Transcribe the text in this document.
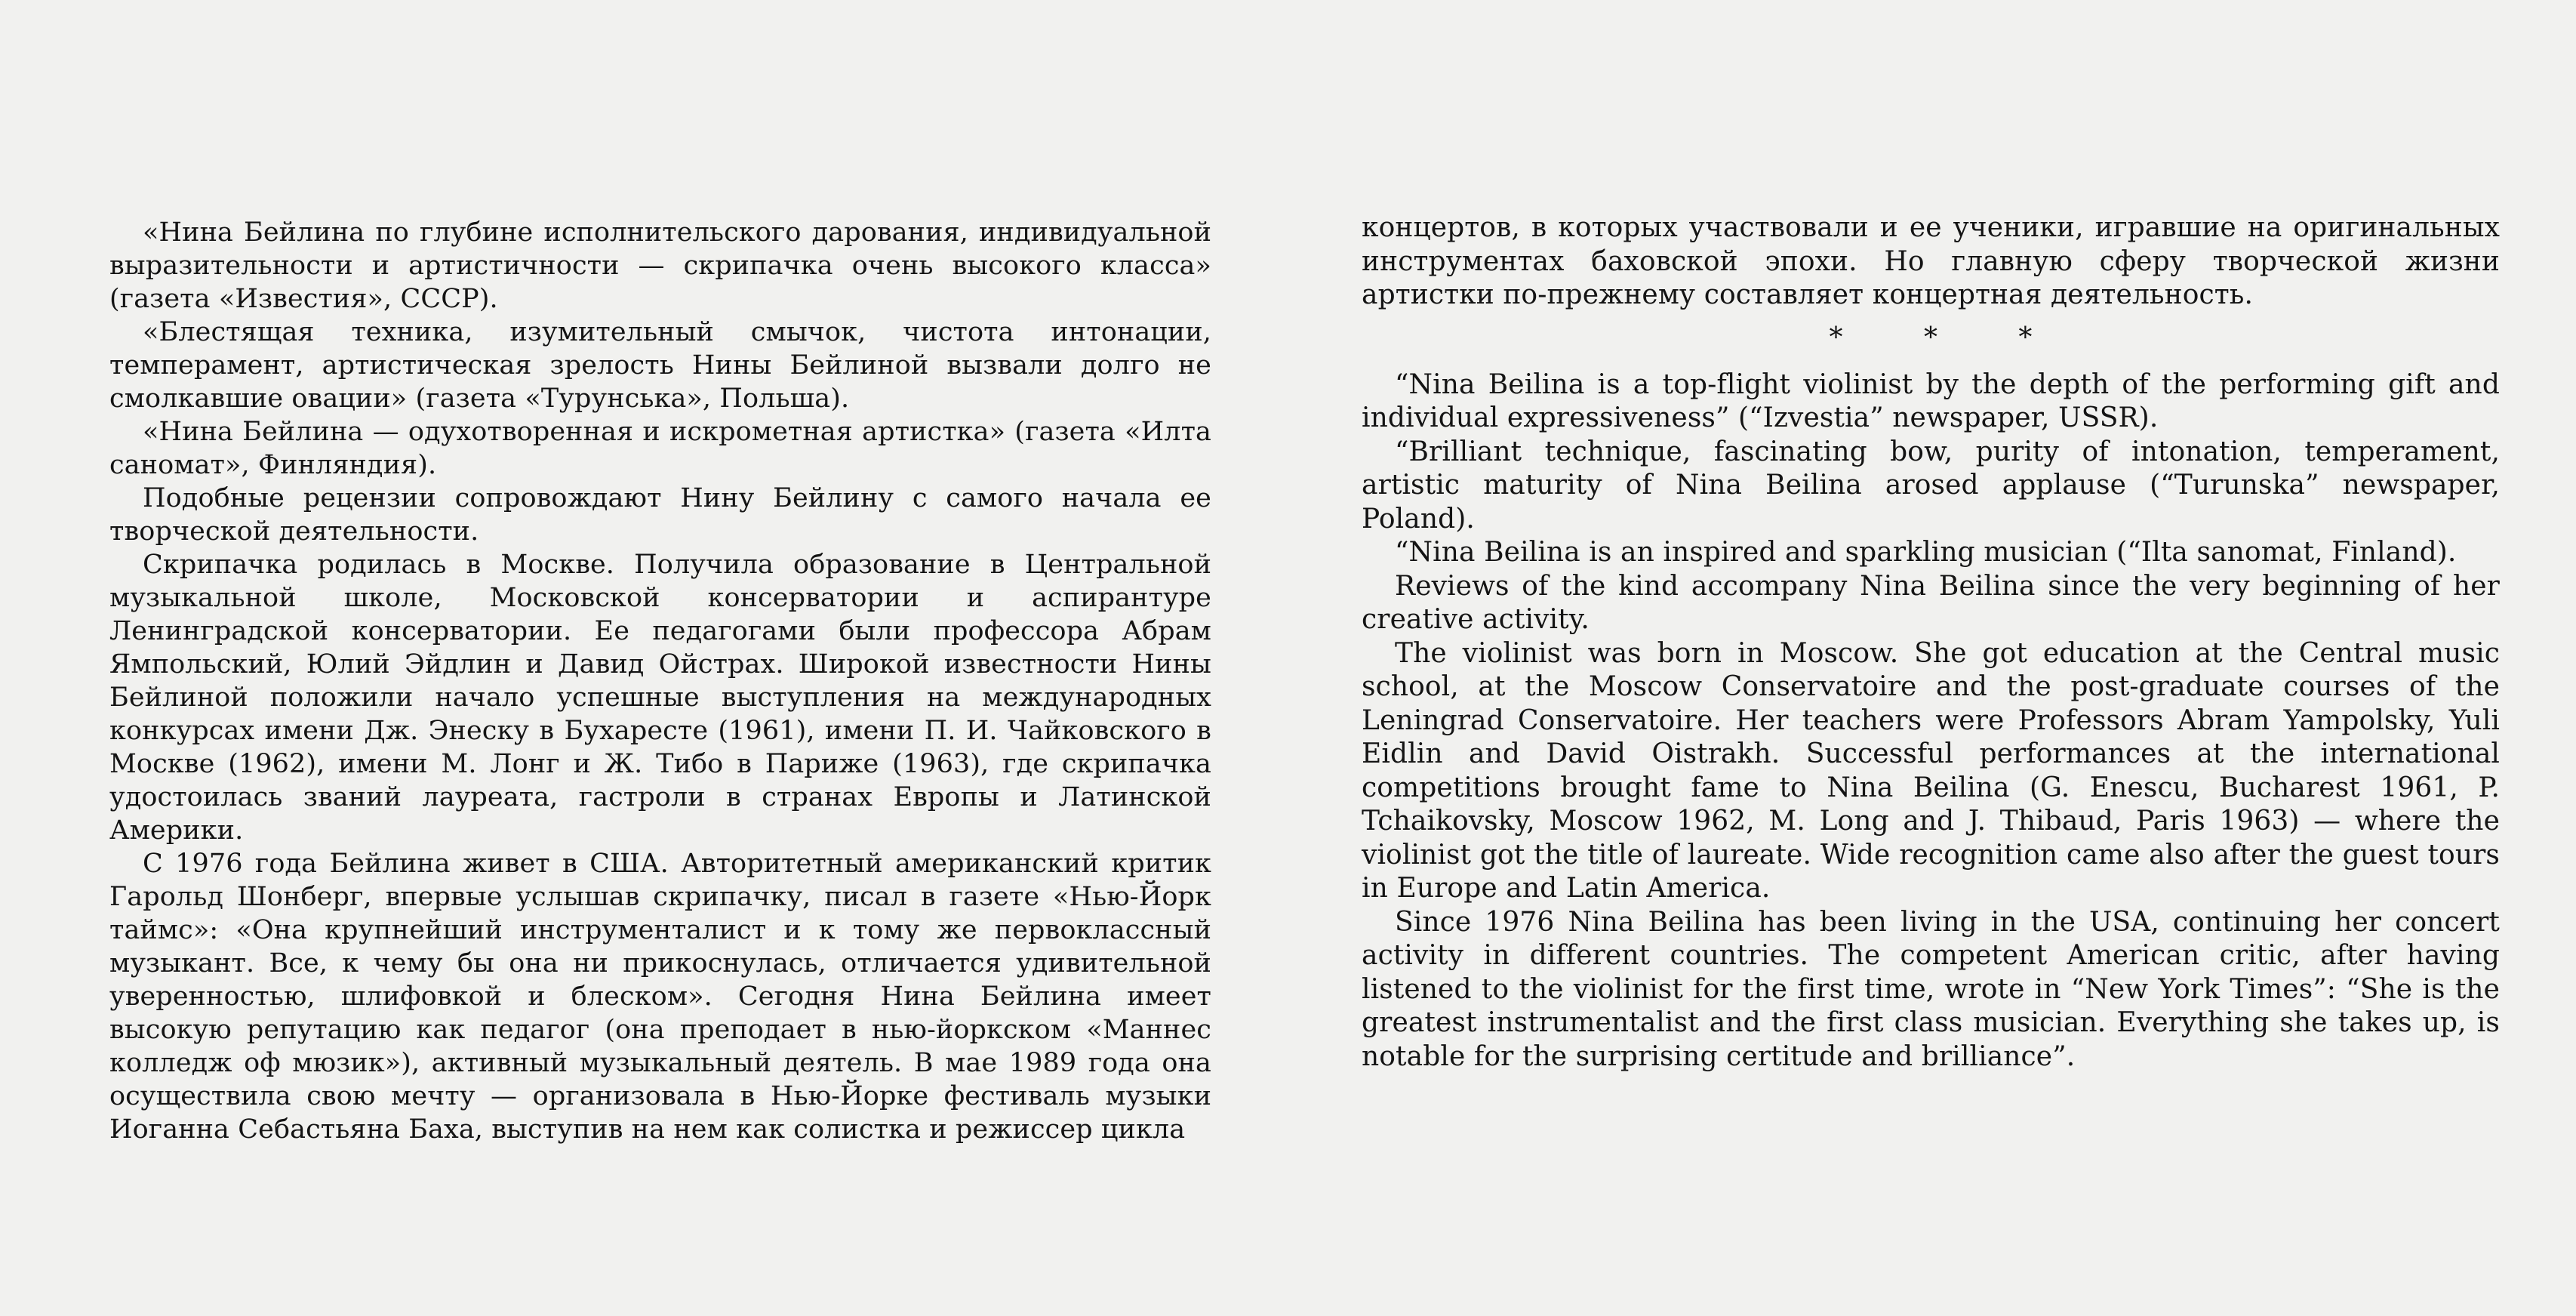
«Нина Бейлина по глубине исполнительского дарования, индивидуальной выразительности и артистичности — скрипачка очень высокого класса» (газета «Известия», СССР).

«Блестящая техника, изумительный смычок, чистота интонации, темперамент, артистическая зрелость Нины Бейлиной вызвали долго не смолкавшие овации» (газета «Турунська», Польша).

«Нина Бейлина — одухотворенная и искрометная артистка» (газета «Илта саномат», Финляндия).

Подобные рецензии сопровождают Нину Бейлину с самого начала ее творческой деятельности.

Скрипачка родилась в Москве. Получила образование в Центральной музыкальной школе, Московской консерватории и аспирантуре Ленинградской консерватории. Ее педагогами были профессора Абрам Ямпольский, Юлий Эйдлин и Давид Ойстрах. Широкой известности Нины Бейлиной положили начало успешные выступления на международных конкурсах имени Дж. Энеску в Бухаресте (1961), имени П. И. Чайковского в Москве (1962), имени М. Лонг и Ж. Тибо в Париже (1963), где скрипачка удостоилась званий лауреата, гастроли в странах Европы и Латинской Америки.

С 1976 года Бейлина живет в США. Авторитетный американский критик Гарольд Шонберг, впервые услышав скрипачку, писал в газете «Нью-Йорк таймс»: «Она крупнейший инструменталист и к тому же первоклассный музыкант. Все, к чему бы она ни прикоснулась, отличается удивительной уверенностью, шлифовкой и блеском». Сегодня Нина Бейлина имеет высокую репутацию как педагог (она преподает в нью-йоркском «Маннес колледж оф мюзик»), активный музыкальный деятель. В мае 1989 года она осуществила свою мечту — организовала в Нью-Йорке фестиваль музыки Иоганна Себастьяна Баха, выступив на нем как солистка и режиссер цикла

концертов, в которых участвовали и ее ученики, игравшие на оригинальных инструментах баховской эпохи. Но главную сферу творческой жизни артистки по-прежнему составляет концертная деятельность.

* * *

“Nina Beilina is a top-flight violinist by the depth of the performing gift and individual expressiveness” (“Izvestia” newspaper, USSR).

“Brilliant technique, fascinating bow, purity of intonation, temperament, artistic maturity of Nina Beilina arosed applause (“Turunska” newspaper, Poland).

“Nina Beilina is an inspired and sparkling musician (“Ilta sanomat, Finland).

Reviews of the kind accompany Nina Beilina since the very beginning of her creative activity.

The violinist was born in Moscow. She got education at the Central music school, at the Moscow Conservatoire and the post-graduate courses of the Leningrad Conservatoire. Her teachers were Professors Abram Yampolsky, Yuli Eidlin and David Oistrakh. Successful performances at the international competitions brought fame to Nina Beilina (G. Enescu, Bucharest 1961, P. Tchaikovsky, Moscow 1962, M. Long and J. Thibaud, Paris 1963) — where the violinist got the title of laureate. Wide recognition came also after the guest tours in Europe and Latin America.

Since 1976 Nina Beilina has been living in the USA, continuing her concert activity in different countries. The competent American critic, after having listened to the violinist for the first time, wrote in “New York Times”: “She is the greatest instrumentalist and the first class musician. Everything she takes up, is notable for the surprising certitude and brilliance”.
